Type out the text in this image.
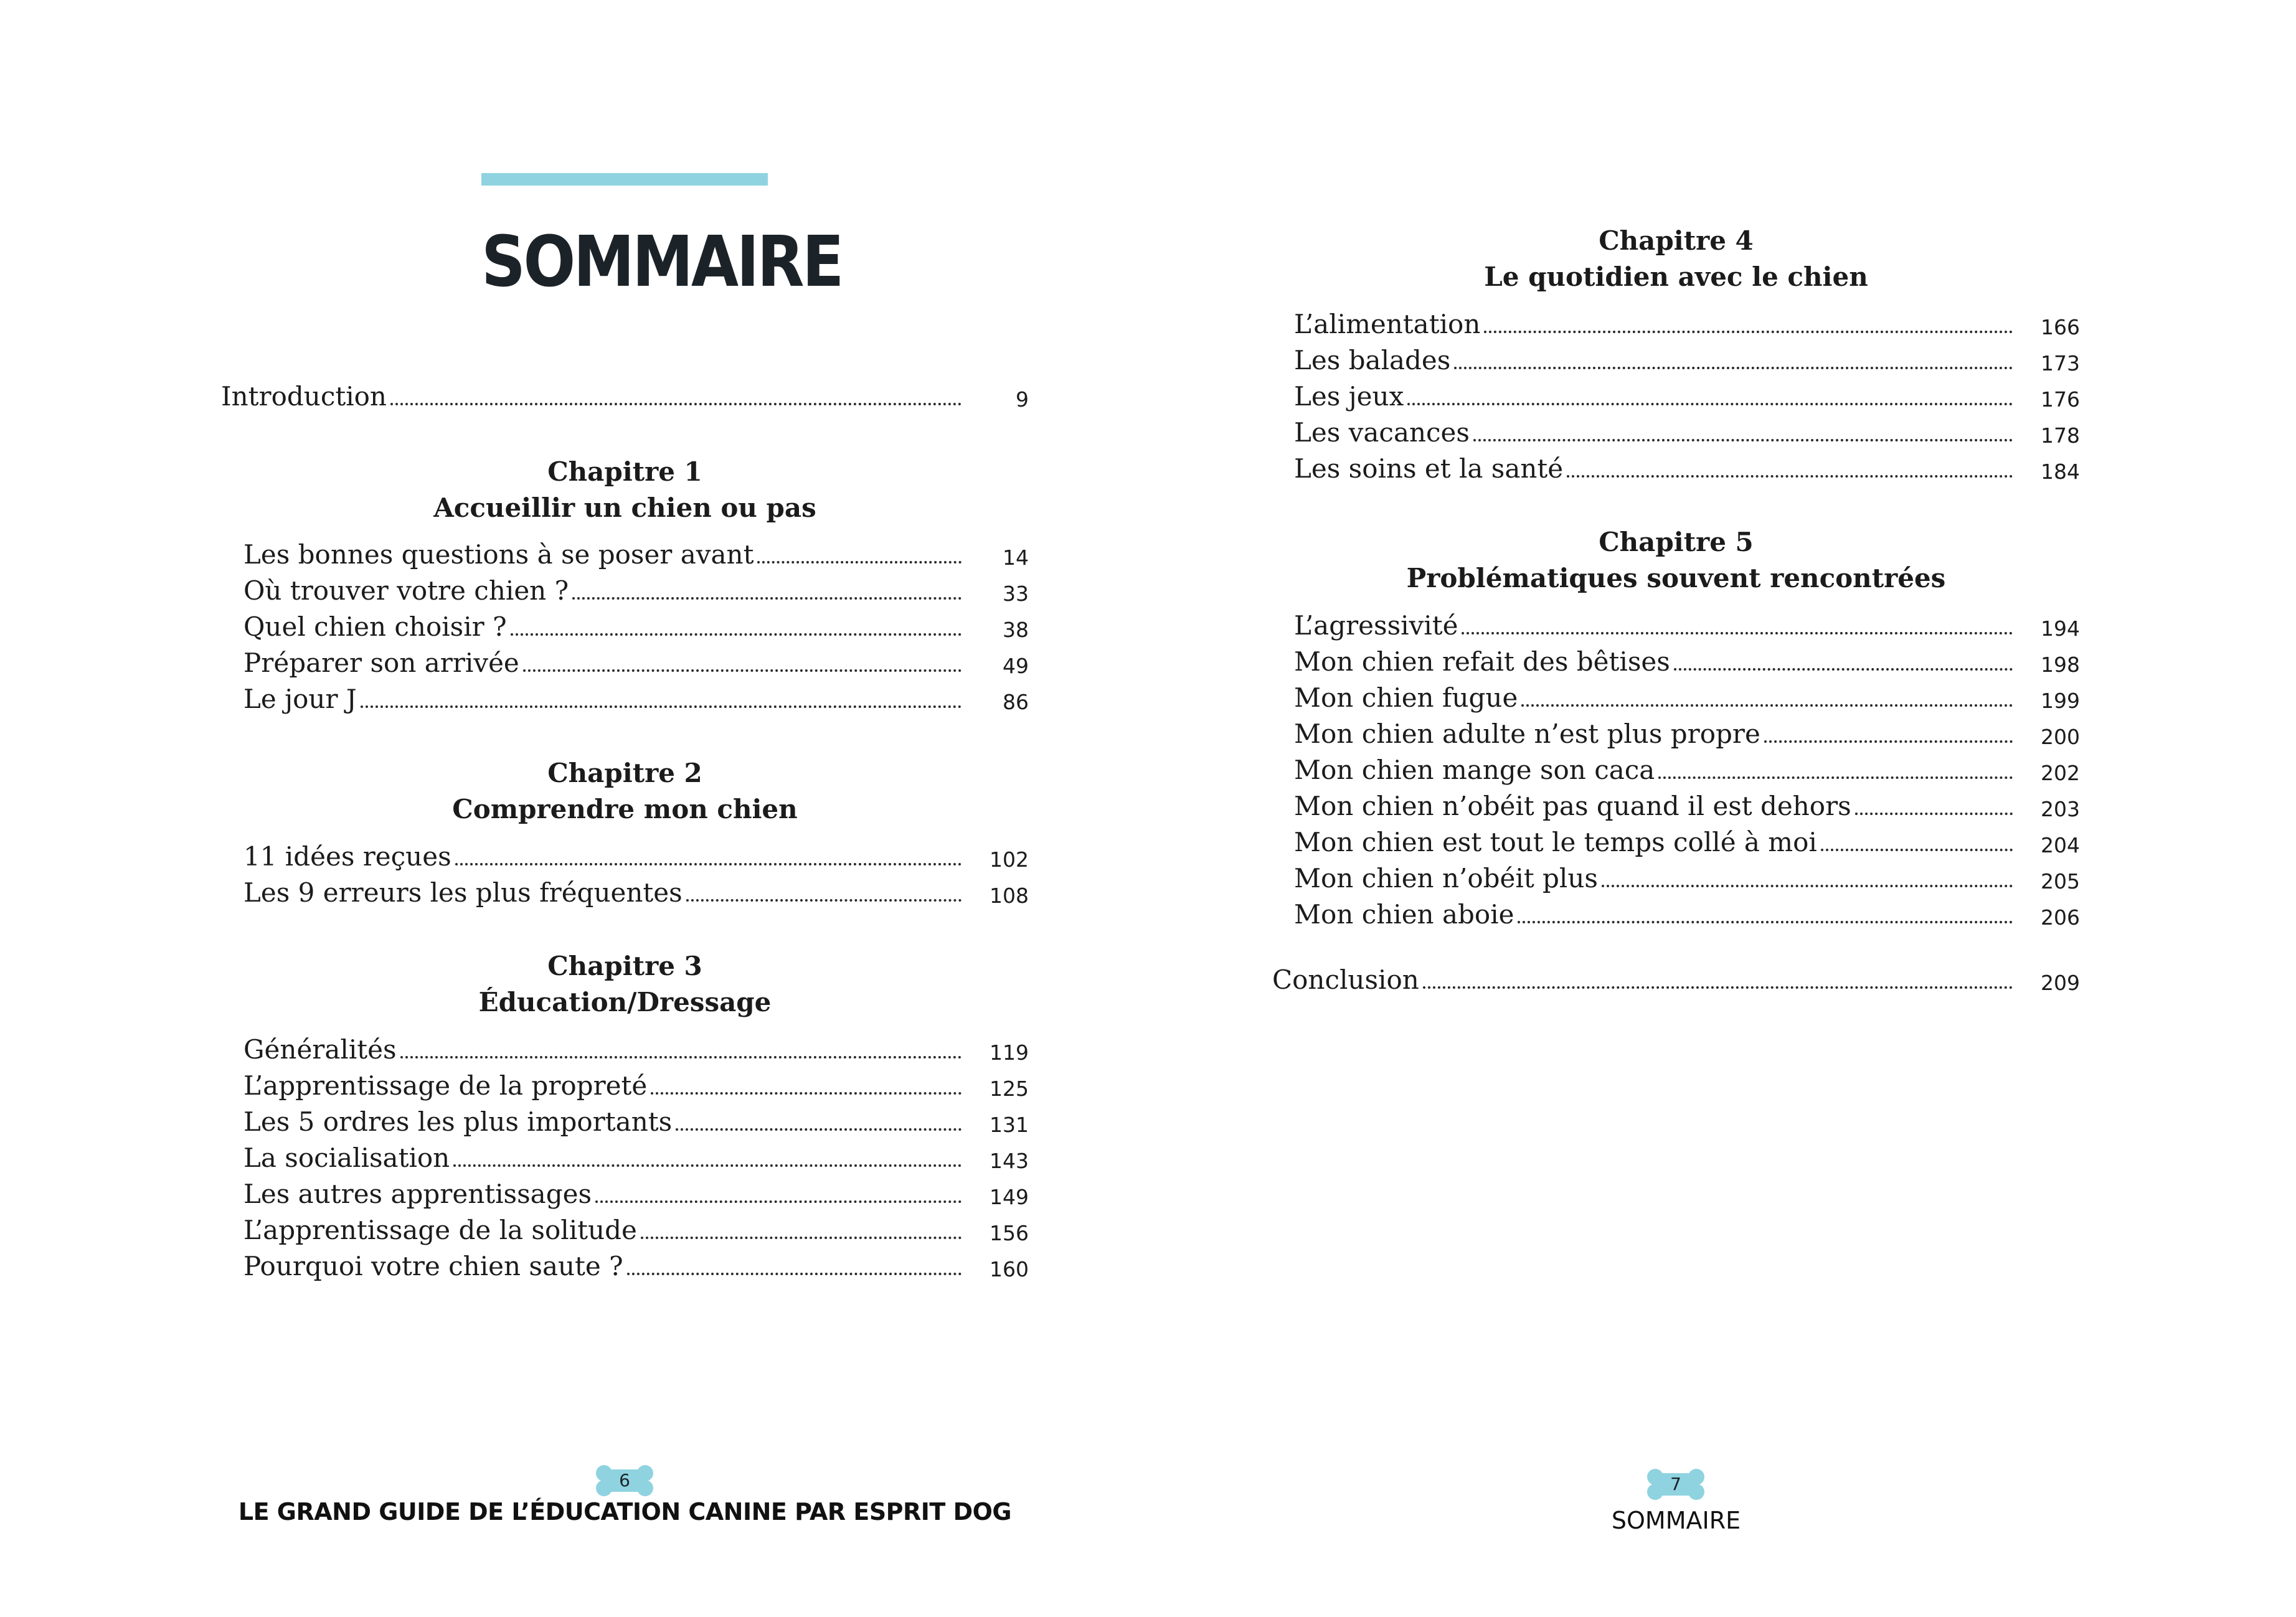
SOMMAIRE
Introduction	9
Chapitre 1
Accueillir un chien ou pas
Les bonnes questions à se poser avant	14
Où trouver votre chien ?	33
Quel chien choisir ?	38
Préparer son arrivée	49
Le jour J	86
Chapitre 2
Comprendre mon chien
11 idées reçues	102
Les 9 erreurs les plus fréquentes	108
Chapitre 3
Éducation/Dressage
Généralités	119
L’apprentissage de la propreté	125
Les 5 ordres les plus importants	131
La socialisation	143
Les autres apprentissages	149
L’apprentissage de la solitude	156
Pourquoi votre chien saute ?	160
6
LE GRAND GUIDE DE L’ÉDUCATION CANINE PAR ESPRIT DOG
Chapitre 4
Le quotidien avec le chien
L’alimentation	166
Les balades	173
Les jeux	176
Les vacances	178
Les soins et la santé	184
Chapitre 5
Problématiques souvent rencontrées
L’agressivité	194
Mon chien refait des bêtises	198
Mon chien fugue	199
Mon chien adulte n’est plus propre	200
Mon chien mange son caca	202
Mon chien n’obéit pas quand il est dehors	203
Mon chien est tout le temps collé à moi	204
Mon chien n’obéit plus	205
Mon chien aboie	206
Conclusion	209
7
SOMMAIRE
